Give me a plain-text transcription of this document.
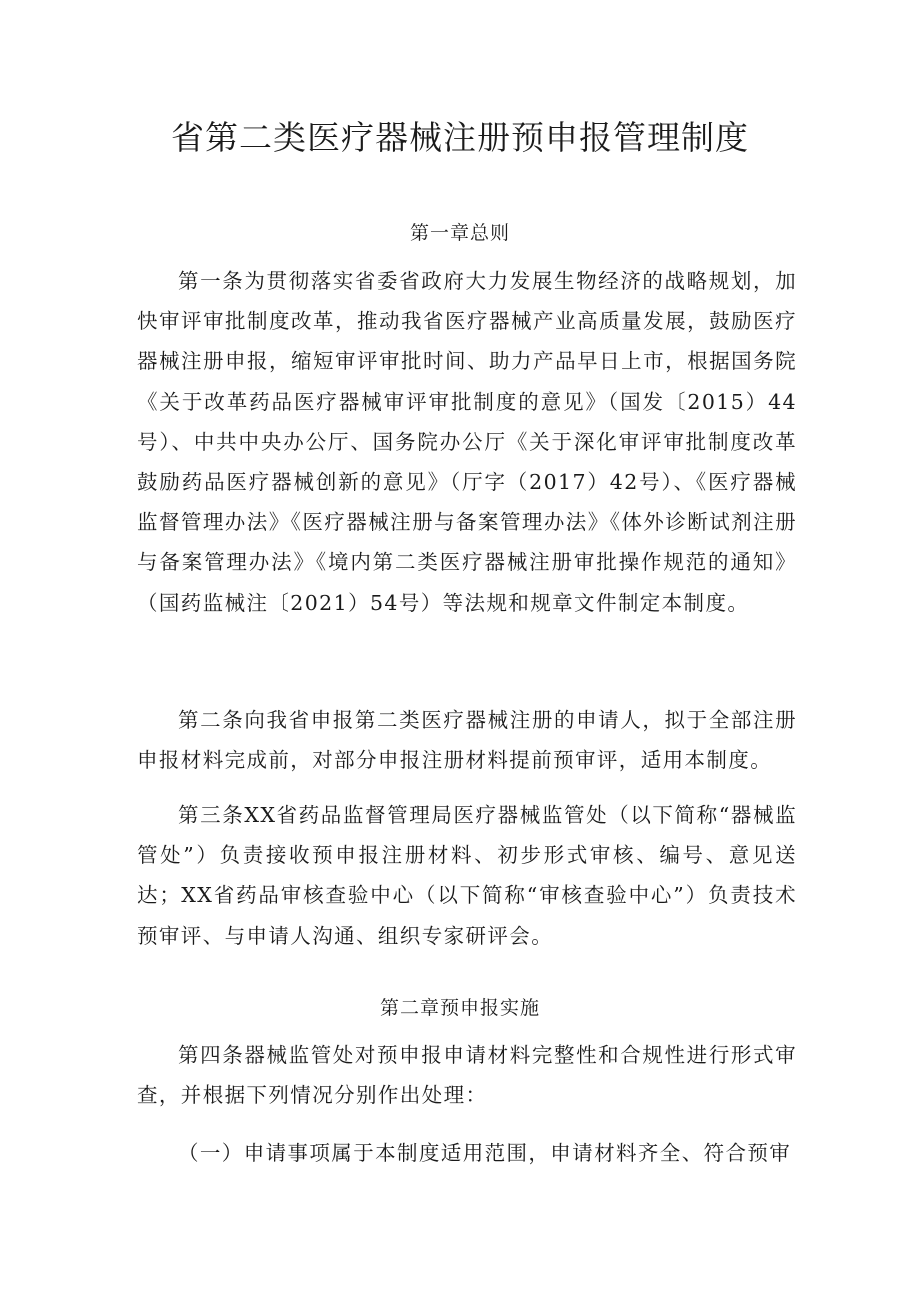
省第二类医疗器械注册预申报管理制度
第一章总则

第一条为贯彻落实省委省政府大力发展生物经济的战略规划，加快审评审批制度改革，推动我省医疗器械产业高质量发展，鼓励医疗器械注册申报，缩短审评审批时间、助力产品早日上市，根据国务院《关于改革药品医疗器械审评审批制度的意见》（国发〔2015）44号）、中共中央办公厅、国务院办公厅《关于深化审评审批制度改革鼓励药品医疗器械创新的意见》（厅字（2017）42号）、《医疗器械监督管理办法》《医疗器械注册与备案管理办法》《体外诊断试剂注册与备案管理办法》《境内第二类医疗器械注册审批操作规范的通知》（国药监械注〔2021）54号）等法规和规章文件制定本制度。

第二条向我省申报第二类医疗器械注册的申请人，拟于全部注册申报材料完成前，对部分申报注册材料提前预审评，适用本制度。

第三条XX省药品监督管理局医疗器械监管处（以下简称“器械监管处”）负责接收预申报注册材料、初步形式审核、编号、意见送达；XX省药品审核查验中心（以下简称“审核查验中心”）负责技术预审评、与申请人沟通、组织专家研评会。

第二章预申报实施

第四条器械监管处对预申报申请材料完整性和合规性进行形式审查，并根据下列情况分别作出处理：

（一）申请事项属于本制度适用范围，申请材料齐全、符合预审
